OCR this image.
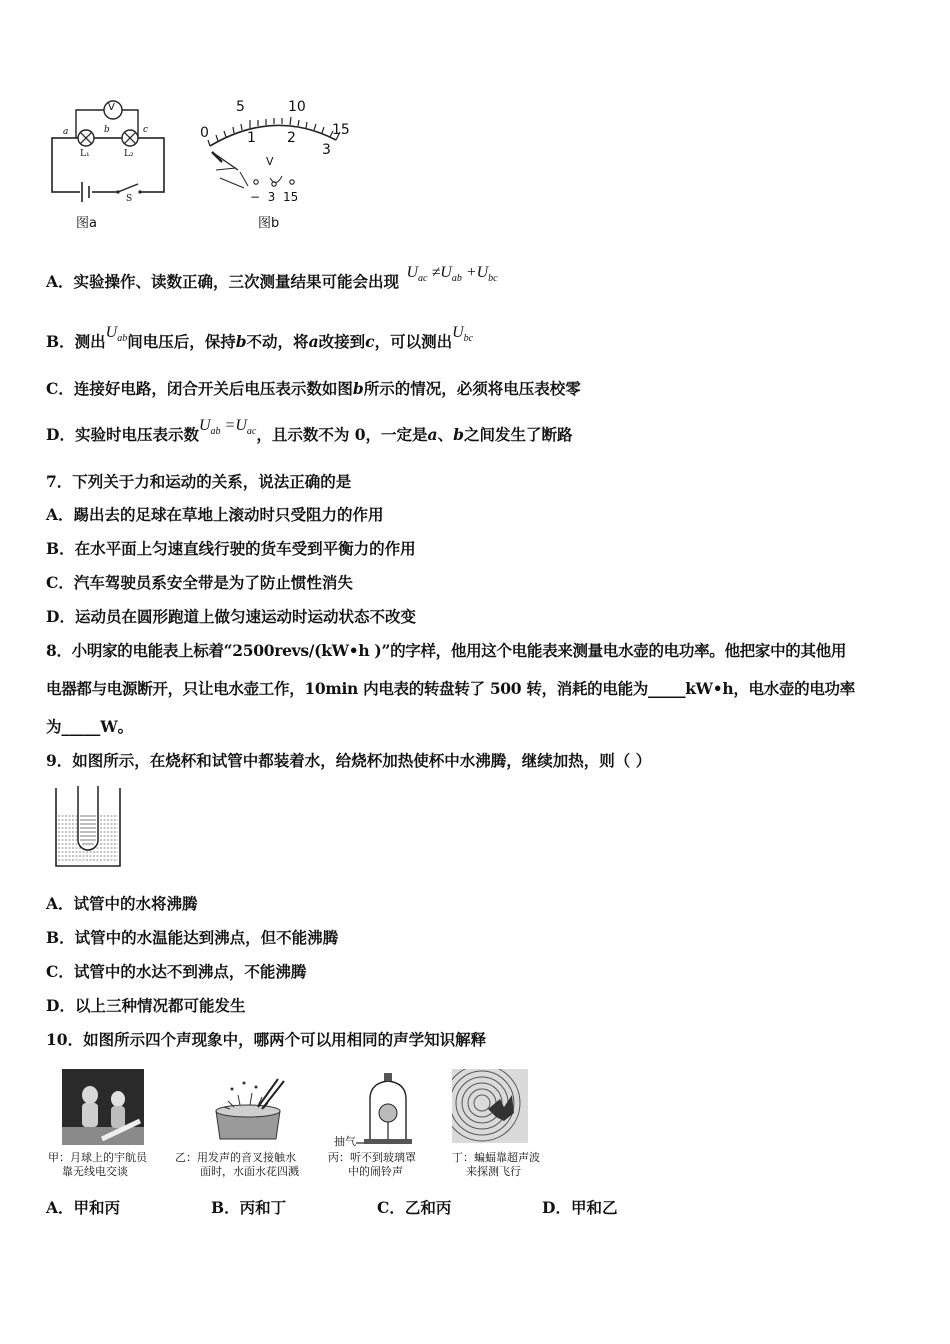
V
a	b	c
L₁	L₂
S
图a
5	10
15
0	1 2
3
V
−  3  15
图b
A．实验操作、读数正确，三次测量结果可能会出现 $U_{ac} \ne U_{ab} +U_{bc}$
B．测出$U_{ab}$间电压后，保持b不动，将a改接到c，可以测出$U_{bc}$
C．连接好电路，闭合开关后电压表示数如图b所示的情况，必须将电压表校零
D．实验时电压表示数$U_{ab} =U_{ac}$，且示数不为 0，一定是a、b之间发生了断路
7．下列关于力和运动的关系，说法正确的是
A．踢出去的足球在草地上滚动时只受阻力的作用
B．在水平面上匀速直线行驶的货车受到平衡力的作用
C．汽车驾驶员系安全带是为了防止惯性消失
D．运动员在圆形跑道上做匀速运动时运动状态不改变
8．小明家的电能表上标着“2500revs/(kW•h )”的字样，他用这个电能表来测量电水壶的电功率。他把家中的其他用
电器都与电源断开，只让电水壶工作，10min 内电表的转盘转了 500 转，消耗的电能为_____kW•h，电水壶的电功率
为_____W。
9．如图所示，在烧杯和试管中都装着水，给烧杯加热使杯中水沸腾，继续加热，则（ ）
A．试管中的水将沸腾
B．试管中的水温能达到沸点，但不能沸腾
C．试管中的水达不到沸点，不能沸腾
D．以上三种情况都可能发生
10．如图所示四个声现象中，哪两个可以用相同的声学知识解释
甲：月球上的宇航员
靠无线电交谈
乙：用发声的音叉接触水
面时，水面水花四溅
抽气
丙：听不到玻璃罩
中的闹铃声
丁：蝙蝠靠超声波
来探测飞行
A．甲和丙	B．丙和丁	C．乙和丙	D．甲和乙
